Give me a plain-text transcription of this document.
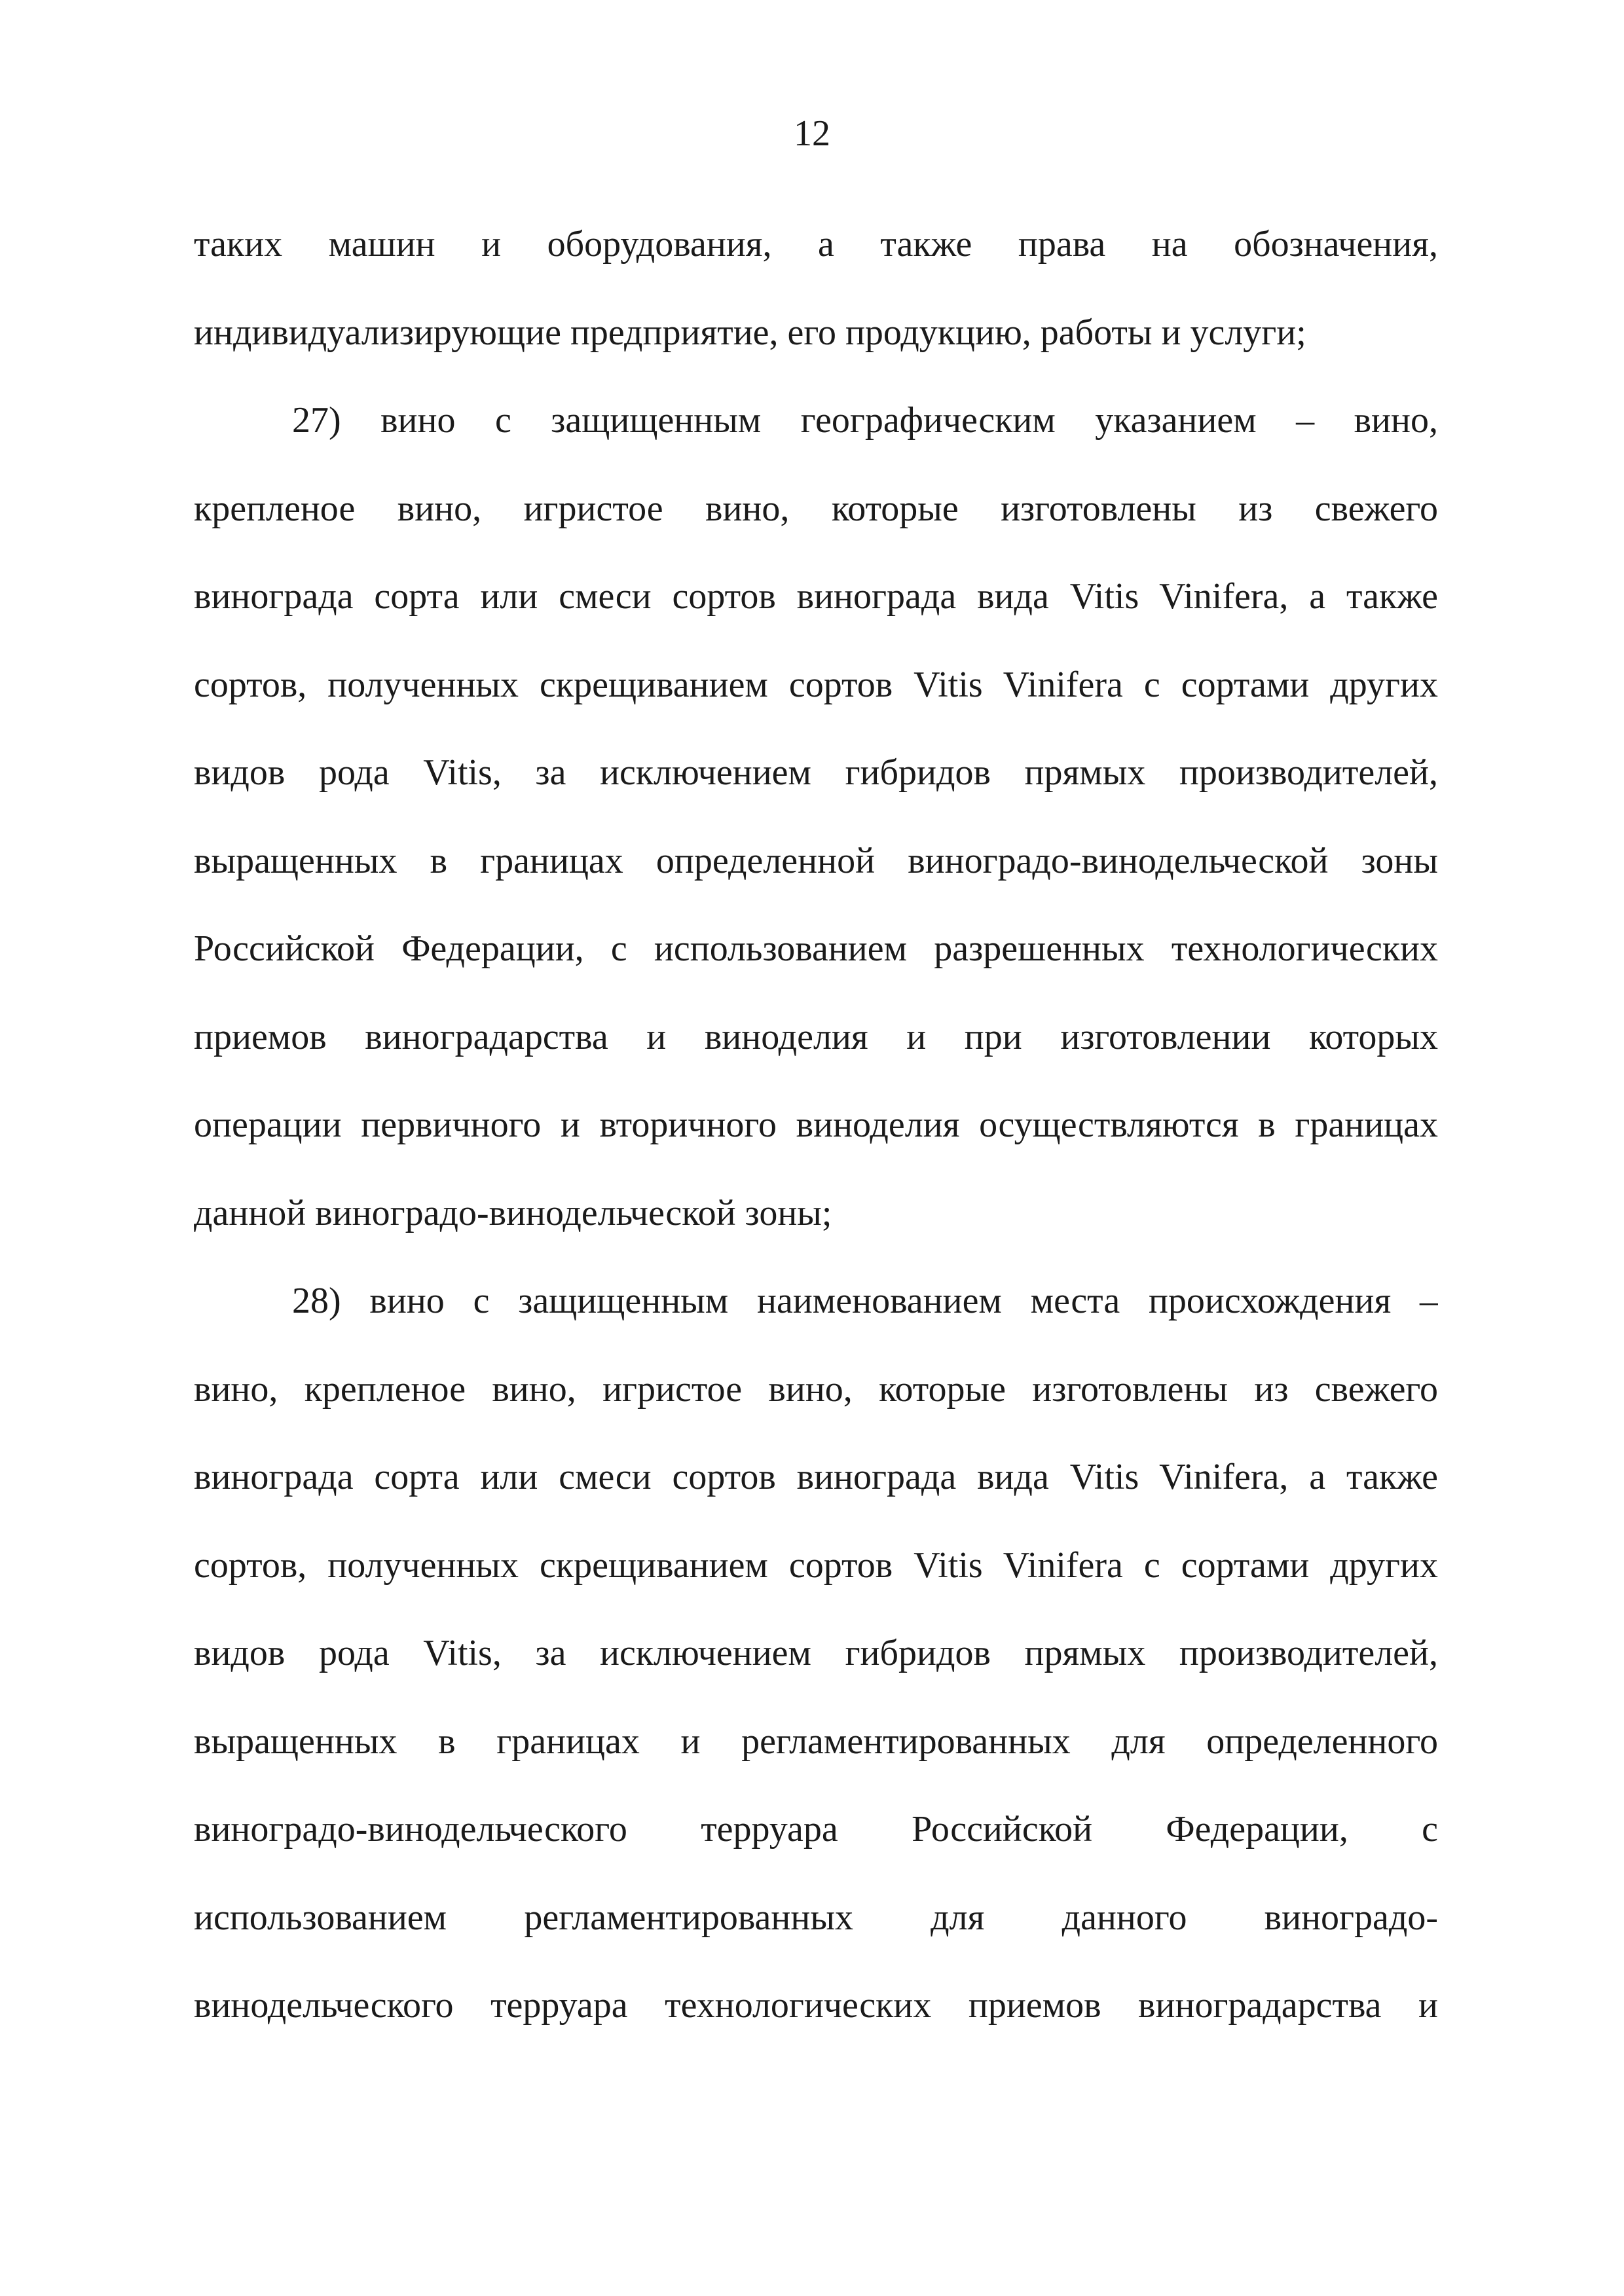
12

таких машин и оборудования, а также права на обозначения,
индивидуализирующие предприятие, его продукцию, работы и услуги;
27) вино с защищенным географическим указанием – вино,
крепленое вино, игристое вино, которые изготовлены из свежего
винограда сорта или смеси сортов винограда вида Vitis Vinifera, а также
сортов, полученных скрещиванием сортов Vitis Vinifera с сортами других
видов рода Vitis, за исключением гибридов прямых производителей,
выращенных в границах определенной виноградо-винодельческой зоны
Российской Федерации, с использованием разрешенных технологических
приемов виноградарства и виноделия и при изготовлении которых
операции первичного и вторичного виноделия осуществляются в границах
данной виноградо-винодельческой зоны;
28) вино с защищенным наименованием места происхождения –
вино, крепленое вино, игристое вино, которые изготовлены из свежего
винограда сорта или смеси сортов винограда вида Vitis Vinifera, а также
сортов, полученных скрещиванием сортов Vitis Vinifera с сортами других
видов рода Vitis, за исключением гибридов прямых производителей,
выращенных в границах и регламентированных для определенного
виноградо-винодельческого терруара Российской Федерации, с
использованием регламентированных для данного виноградо-
винодельческого терруара технологических приемов виноградарства и
